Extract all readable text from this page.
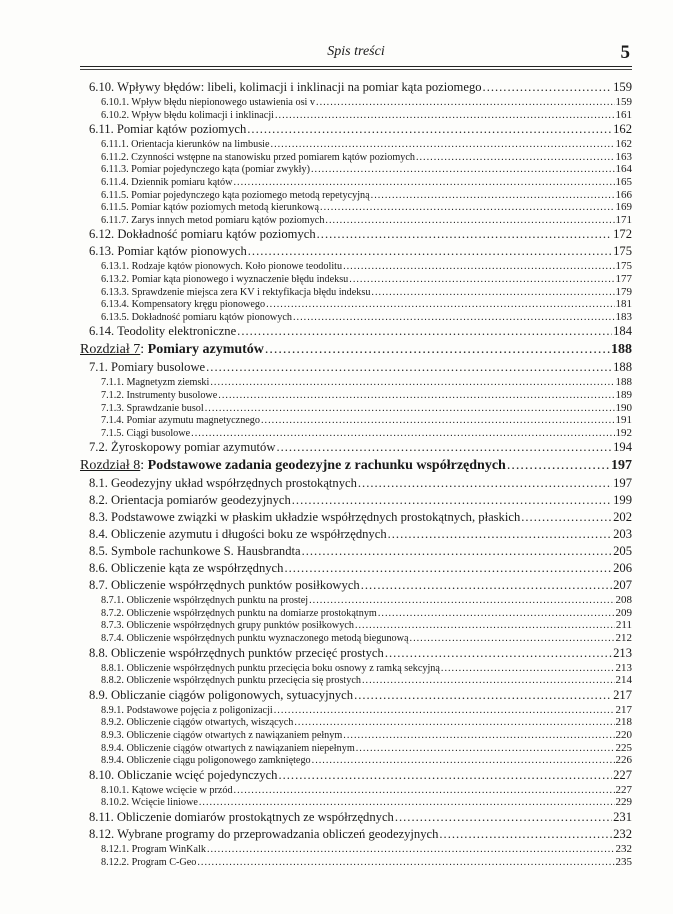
Spis treści	5
6.10. Wpływy błędów: libeli, kolimacji i inklinacji na pomiar kąta poziomego .....	159
6.10.1. Wpływ błędu niepionowego ustawienia osi v .....	159
6.10.2. Wpływ błędu kolimacji i inklinacji .....	161
6.11. Pomiar kątów poziomych .....	162
6.11.1. Orientacja kierunków na limbusie .....	162
6.11.2. Czynności wstępne na stanowisku przed pomiarem kątów poziomych .....	163
6.11.3. Pomiar pojedynczego kąta (pomiar zwykły) .....	164
6.11.4. Dziennik pomiaru kątów .....	165
6.11.5. Pomiar pojedynczego kąta poziomego metodą repetycyjną .....	166
6.11.5. Pomiar kątów poziomych metodą kierunkową .....	169
6.11.7. Zarys innych metod pomiaru kątów poziomych .....	171
6.12. Dokładność pomiaru kątów poziomych .....	172
6.13. Pomiar kątów pionowych .....	175
6.13.1. Rodzaje kątów pionowych. Koło pionowe teodolitu .....	175
6.13.2. Pomiar kąta pionowego i wyznaczenie błędu indeksu .....	177
6.13.3. Sprawdzenie miejsca zera KV i rektyfikacja błędu indeksu .....	179
6.13.4. Kompensatory kręgu pionowego .....	181
6.13.5. Dokładność pomiaru kątów pionowych .....	183
6.14. Teodolity elektroniczne .....	184
Rozdział 7: Pomiary azymutów .....	188
7.1. Pomiary busolowe .....	188
7.1.1. Magnetyzm ziemski .....	188
7.1.2. Instrumenty busolowe .....	189
7.1.3. Sprawdzanie busol .....	190
7.1.4. Pomiar azymutu magnetycznego .....	191
7.1.5. Ciągi busolowe .....	192
7.2. Żyroskopowy pomiar azymutów .....	194
Rozdział 8: Podstawowe zadania geodezyjne z rachunku współrzędnych .....	197
8.1. Geodezyjny układ współrzędnych prostokątnych .....	197
8.2. Orientacja pomiarów geodezyjnych .....	199
8.3. Podstawowe związki w płaskim układzie współrzędnych prostokątnych, płaskich .....	202
8.4. Obliczenie azymutu i długości boku ze współrzędnych .....	203
8.5. Symbole rachunkowe S. Hausbrandta .....	205
8.6. Obliczenie kąta ze współrzędnych .....	206
8.7. Obliczenie współrzędnych punktów posiłkowych .....	207
8.7.1. Obliczenie współrzędnych punktu na prostej .....	208
8.7.2. Obliczenie współrzędnych punktu na domiarze prostokątnym .....	209
8.7.3. Obliczenie współrzędnych grupy punktów posiłkowych .....	211
8.7.4. Obliczenie współrzędnych punktu wyznaczonego metodą biegunową .....	212
8.8. Obliczenie współrzędnych punktów przecięć prostych .....	213
8.8.1. Obliczenie współrzędnych punktu przecięcia boku osnowy z ramką sekcyjną .....	213
8.8.2. Obliczenie współrzędnych punktu przecięcia się prostych .....	214
8.9. Obliczanie ciągów poligonowych, sytuacyjnych .....	217
8.9.1. Podstawowe pojęcia z poligonizacji .....	217
8.9.2. Obliczenie ciągów otwartych, wiszących .....	218
8.9.3. Obliczenie ciągów otwartych z nawiązaniem pełnym .....	220
8.9.4. Obliczenie ciągów otwartych z nawiązaniem niepełnym .....	225
8.9.4. Obliczenie ciągu poligonowego zamkniętego .....	226
8.10. Obliczanie wcięć pojedynczych .....	227
8.10.1. Kątowe wcięcie w przód .....	227
8.10.2. Wcięcie liniowe .....	229
8.11. Obliczenie domiarów prostokątnych ze współrzędnych .....	231
8.12. Wybrane programy do przeprowadzania obliczeń geodezyjnych .....	232
8.12.1. Program WinKalk .....	232
8.12.2. Program C-Geo .....	235
